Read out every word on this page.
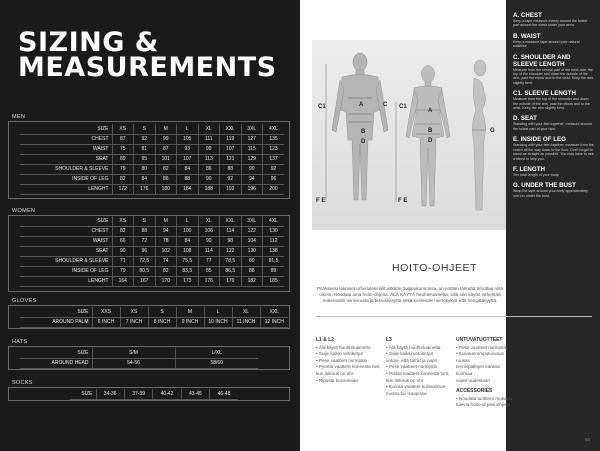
SIZING &
MEASUREMENTS
MEN
SIZE	XS	S	M	L	XL	XXL	3XL	4XL
CHEST	87	92	99	105	111	119	127	135
WAIST	75	81	87	93	99	107	115	123
SEAT	89	95	101	107	113	121	129	137
SHOULDER & SLEEVE	79	80	82	84	86	88	90	92
INSIDE OF LEG	82	84	86	88	90	92	94	96
LENGHT	172	176	180	184	188	192	196	200
WOMEN
SIZE	XS	S	M	L	XL	XXL	3XL	4XL
CHEST	82	88	94	100	106	114	122	130
WAIST	66	72	78	84	90	98	104	112
SEAT	90	96	102	108	114	122	130	138
SHOULDER & SLEEVE	71	72,5	74	75,5	77	78,5	80	81,5
INSIDE OF LEG	79	80,5	82	83,5	85	86,5	88	89
LENGHT	164	167	170	173	176	179	182	185
GLOVES
SIZE	XXS	XS	S	M	L	XL	XXL
AROUND PALM	6 INCH	7 INCH	8 INCH	9 INCH	10 INCH	11 INCH	12 INCH
HATS
SIZE	S/M	L/XL
AROUND HEAD	54-56	58/60
SOCKS
SIZE	34-36	37-39	40-42	43-45	46-48
C1	A	C
B
D
F E
C1
A
B
D
F E
G
A. CHEST
Keep a tape measure evenly around the fullest part around the chest under your arms.
B. WAIST
Keep a measure tape around your natural waistline.
C. SHOULDER AND SLEEVE LENGTH
Measure from the central part of the neck over the top of the shoulder and down the outside of the arm, past the elbow and to the wrist. Keep the arm slightly bent.
C1. SLEEVE LENGTH
Measure from the top of the shoulder and down the outside of the arm, past the elbow and to the wrist. Keep the arm slightly bent.
D. SEAT
Standing with your feet together, measure around the fullest part of your hips.
E. INSIDE OF LEG
Standing with your feet together, measure from the crotch all the way down to the floor. Don't forget to stand as straight as possible. You may have to ask a friend to help you.
F. LENGTH
The total length of your body.
G. UNDER THE BUST
Wrap the tape around your body approximately one cm under the bust.
HOITO-OHJEET
Pitäkseesi tekniset urheilutekstiilit pitkään huippukunnossa, on erittäin tärkeää tehottaa niitä oikein. Noudata aina hoito-ohjeita. ÄLÄ KÄYTÄ huuhteluainetta, sillä sen käyttö vähentää materiaalin toimivuutta ja tekniseksyttä sekä kosteuden siirtokykyä että hengittävyyttä.
L1 & L2
• Älä käytä huuhteluainetta
• Sulje kaikki vetoketjut
• Pese vaatteet nurinpäin
• Pyöritä vaatteet koneesta heti,
kun linkous on ohi
• Ripusta kuivumaan
L3
• Älä käytä huuhteluainetta
• Sulje kaikki vetoketjut,
vetoni- että tarrat ja napit
• Pese vaatteet nurinpäin
• Poista vaatteet koneesta heti,
kun linkous on ohi
• Kuivaa vaatteet kuivausrum-
mussa tai -kaapissa
UNTUVATUOTTEET
• Pese vaatteet nurinpäin
• Kuivausrumpukuivaus ruusas
tennispallojen kanssa kuohtaa
vaate uudestaan
ACCESSORIES
• Noudata tuotteen mukana
tulevia hoito-ja pesuohjeita
93
